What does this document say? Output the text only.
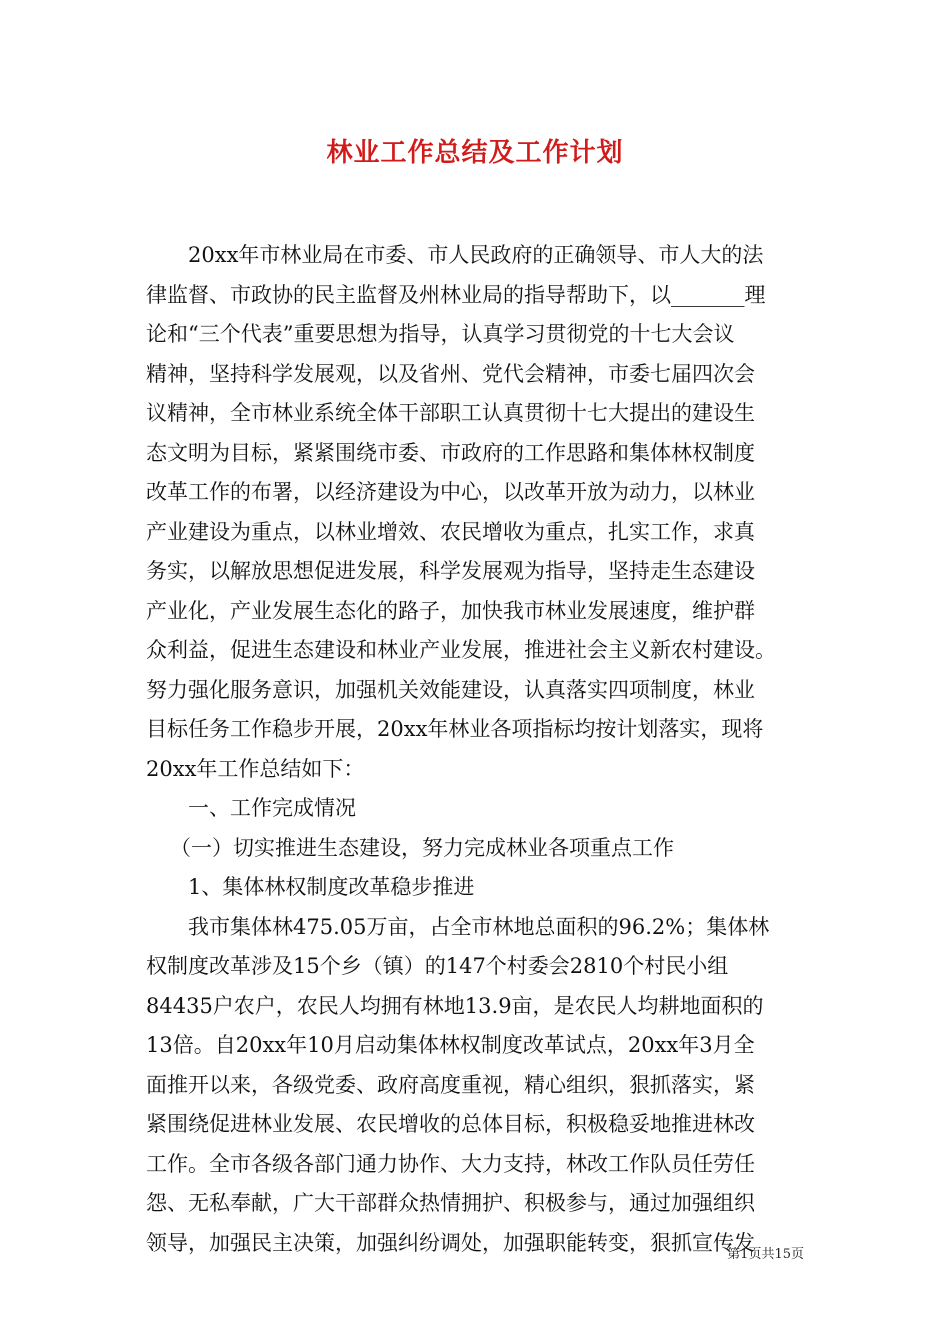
林业工作总结及工作计划
20xx年市林业局在市委、市人民政府的正确领导、市人大的法
律监督、市政协的民主监督及州林业局的指导帮助下，以_______理
论和“三个代表”重要思想为指导，认真学习贯彻党的十七大会议
精神，坚持科学发展观，以及省州、党代会精神，市委七届四次会
议精神，全市林业系统全体干部职工认真贯彻十七大提出的建设生
态文明为目标，紧紧围绕市委、市政府的工作思路和集体林权制度
改革工作的布署，以经济建设为中心，以改革开放为动力，以林业
产业建设为重点，以林业增效、农民增收为重点，扎实工作，求真
务实，以解放思想促进发展，科学发展观为指导，坚持走生态建设
产业化，产业发展生态化的路子，加快我市林业发展速度，维护群
众利益，促进生态建设和林业产业发展，推进社会主义新农村建设。
努力强化服务意识，加强机关效能建设，认真落实四项制度，林业
目标任务工作稳步开展，20xx年林业各项指标均按计划落实，现将
20xx年工作总结如下：
一、工作完成情况
（一）切实推进生态建设，努力完成林业各项重点工作
1、集体林权制度改革稳步推进
我市集体林475.05万亩，占全市林地总面积的96.2%；集体林
权制度改革涉及15个乡（镇）的147个村委会2810个村民小组
84435户农户，农民人均拥有林地13.9亩，是农民人均耕地面积的
13倍。自20xx年10月启动集体林权制度改革试点，20xx年3月全
面推开以来，各级党委、政府高度重视，精心组织，狠抓落实，紧
紧围绕促进林业发展、农民增收的总体目标，积极稳妥地推进林改
工作。全市各级各部门通力协作、大力支持，林改工作队员任劳任
怨、无私奉献，广大干部群众热情拥护、积极参与，通过加强组织
领导，加强民主决策，加强纠纷调处，加强职能转变，狠抓宣传发
第1页共15页
